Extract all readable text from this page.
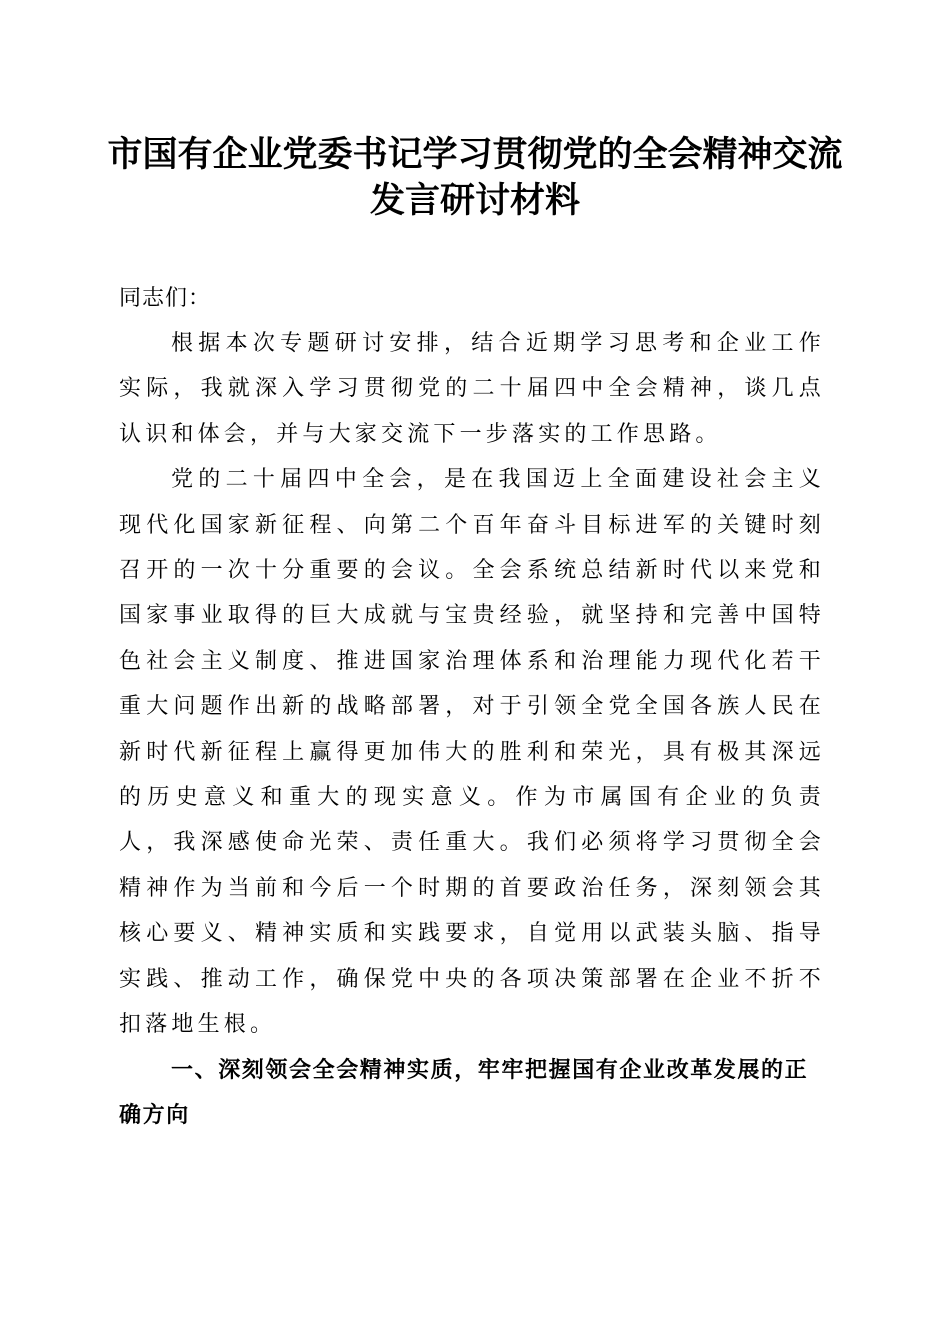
市国有企业党委书记学习贯彻党的全会精神交流发言研讨材料

同志们：

根据本次专题研讨安排，结合近期学习思考和企业工作实际，我就深入学习贯彻党的二十届四中全会精神，谈几点认识和体会，并与大家交流下一步落实的工作思路。

党的二十届四中全会，是在我国迈上全面建设社会主义现代化国家新征程、向第二个百年奋斗目标进军的关键时刻召开的一次十分重要的会议。全会系统总结新时代以来党和国家事业取得的巨大成就与宝贵经验，就坚持和完善中国特色社会主义制度、推进国家治理体系和治理能力现代化若干重大问题作出新的战略部署，对于引领全党全国各族人民在新时代新征程上赢得更加伟大的胜利和荣光，具有极其深远的历史意义和重大的现实意义。作为市属国有企业的负责人，我深感使命光荣、责任重大。我们必须将学习贯彻全会精神作为当前和今后一个时期的首要政治任务，深刻领会其核心要义、精神实质和实践要求，自觉用以武装头脑、指导实践、推动工作，确保党中央的各项决策部署在企业不折不扣落地生根。

一、深刻领会全会精神实质，牢牢把握国有企业改革发展的正确方向
